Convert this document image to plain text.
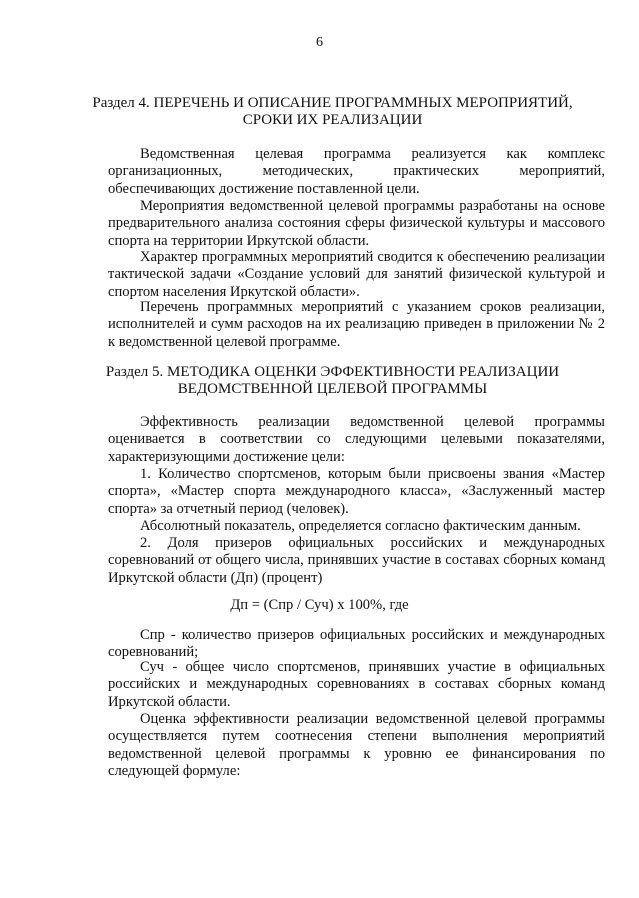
6
Раздел 4. ПЕРЕЧЕНЬ И ОПИСАНИЕ ПРОГРАММНЫХ МЕРОПРИЯТИЙ,
СРОКИ ИХ РЕАЛИЗАЦИИ
Ведомственная целевая программа реализуется как комплекс организационных, методических, практических мероприятий, обеспечивающих достижение поставленной цели.
Мероприятия ведомственной целевой программы разработаны на основе предварительного анализа состояния сферы физической культуры и массового спорта на территории Иркутской области.
Характер программных мероприятий сводится к обеспечению реализации тактической задачи «Создание условий для занятий физической культурой и спортом населения Иркутской области».
Перечень программных мероприятий с указанием сроков реализации, исполнителей и сумм расходов на их реализацию приведен в приложении № 2 к ведомственной целевой программе.
Раздел 5. МЕТОДИКА ОЦЕНКИ ЭФФЕКТИВНОСТИ РЕАЛИЗАЦИИ
ВЕДОМСТВЕННОЙ ЦЕЛЕВОЙ ПРОГРАММЫ
Эффективность реализации ведомственной целевой программы оценивается в соответствии со следующими целевыми показателями, характеризующими достижение цели:
1. Количество спортсменов, которым были присвоены звания «Мастер спорта», «Мастер спорта международного класса», «Заслуженный мастер спорта» за отчетный период (человек).
Абсолютный показатель, определяется согласно фактическим данным.
2. Доля призеров официальных российских и международных соревнований от общего числа, принявших участие в составах сборных команд Иркутской области (Дп) (процент)
Дп = (Спр / Суч) х 100%, где
Спр - количество призеров официальных российских и международных соревнований;
Суч - общее число спортсменов, принявших участие в официальных российских и международных соревнованиях в составах сборных команд Иркутской области.
Оценка эффективности реализации ведомственной целевой программы осуществляется путем соотнесения степени выполнения мероприятий ведомственной целевой программы к уровню ее финансирования по следующей формуле:
